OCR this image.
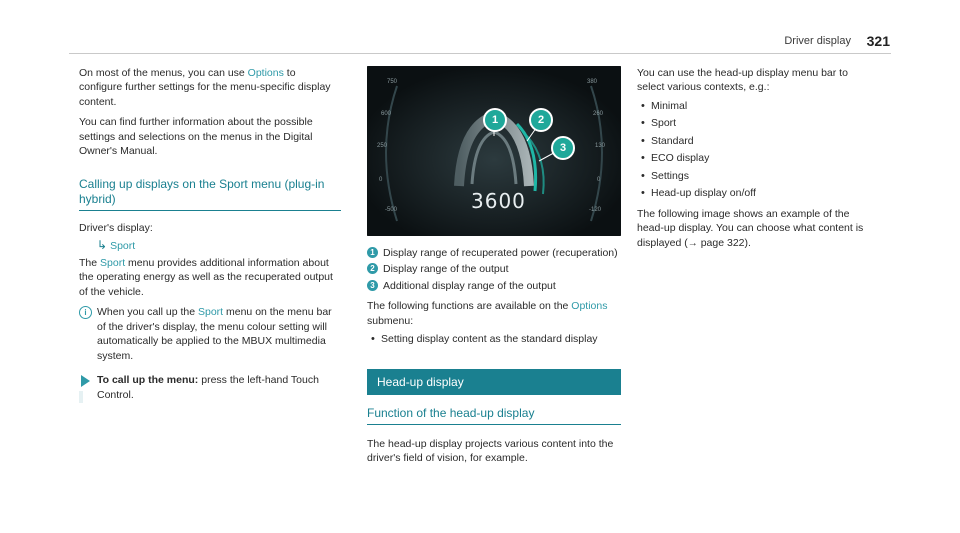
Driver display 321

On most of the menus, you can use Options to configure further settings for the menu-specific display content.

You can find further information about the possible settings and selections on the menus in the Digital Owner's Manual.

Calling up displays on the Sport menu (plug-in hybrid)
Driver's display:
↳ Sport

The Sport menu provides additional information about the operating energy as well as the recuperated output of the vehicle.

i When you call up the Sport menu on the menu bar of the driver's display, the menu colour setting will automatically be applied to the MBUX multimedia system.
To call up the menu: press the left-hand Touch Control.
1	2
3
750
600
250
0
-500
380
260
130
0
-120
3600
1 Display range of recuperated power (recuperation)
2 Display range of the output
3 Additional display range of the output

The following functions are available on the Options submenu:

• Setting display content as the standard display
Head-up display
Function of the head-up display

The head-up display projects various content into the driver's field of vision, for example.

You can use the head-up display menu bar to select various contexts, e.g.:

• Minimal
• Sport
• Standard
• ECO display
• Settings
• Head-up display on/off

The following image shows an example of the head-up display. You can choose what content is displayed (→ page 322).
